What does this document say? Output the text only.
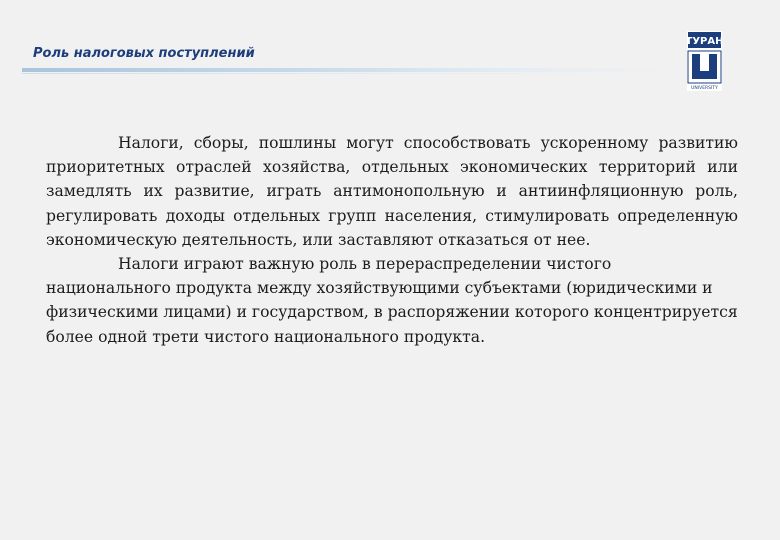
Роль налоговых поступлений
ТУРАН
UNIVERSITY

Налоги, сборы, пошлины могут способствовать ускоренному развитию приоритетных отраслей хозяйства, отдельных экономических территорий или замедлять их развитие, играть антимонопольную и антиинфляционную роль, регулировать доходы отдельных групп населения, стимулировать определенную экономическую деятельность, или заставляют отказаться от нее.

Налоги играют важную роль в перераспределении чистого национального продукта между хозяйствующими субъектами (юридическими и физическими лицами) и государством, в распоряжении которого концентрируется более одной трети чистого национального продукта.
